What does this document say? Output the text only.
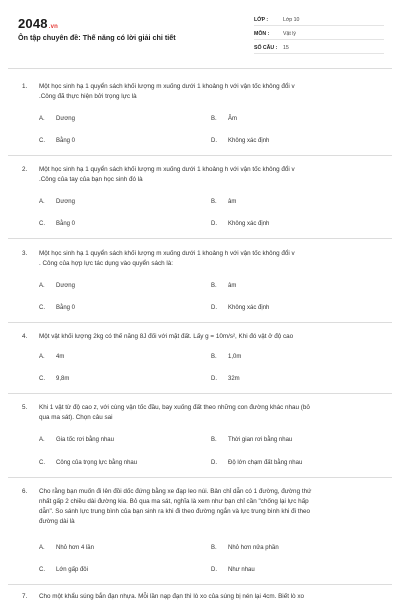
2048.vn
Ôn tập chuyên đề: Thế năng có lời giải chi tiết
LỚP :	Lớp 10
MÔN :	Vật lý
SỐ CÂU : 15
1. Một học sinh hạ 1 quyển sách khối lượng m xuống dưới 1 khoảng h với vận tốc không đổi v
.Công đã thực hiện bởi trọng lực là
A. Dương	B. Âm
C. Bằng 0	D. Không xác định
2. Một học sinh hạ 1 quyển sách khối lượng m xuống dưới 1 khoảng h với vận tốc không đổi v
.Công của tay của bạn học sinh đó là
A. Dương	B. âm
C. Bằng 0	D. Không xác định
3. Một học sinh hạ 1 quyển sách khối lượng m xuống dưới 1 khoảng h với vận tốc không đổi v
. Công của hợp lực tác dụng vào quyển sách là:
A. Dương	B. âm
C. Bằng 0	D. Không xác định
4. Một vật khối lượng 2kg có thế năng 8J đối với mặt đất. Lấy g = 10m/s², Khi đó vật ở độ cao
A. 4m	B. 1,0m
C. 9,8m	D. 32m
5. Khi 1 vật từ độ cao z, với cùng vận tốc đầu, bay xuống đất theo những con đường khác nhau (bỏ
qua ma sát). Chọn câu sai
A. Gia tốc rơi bằng nhau	B. Thời gian rơi bằng nhau
C. Công của trọng lực bằng nhau	D. Độ lớn chạm đất bằng nhau
6. Cho rằng bạn muốn đi lên đồi dốc đứng bằng xe đạp leo núi. Bản chỉ dẫn có 1 đường, đường thứ
nhất gấp 2 chiều dài đường kia. Bỏ qua ma sát, nghĩa là xem như bạn chỉ cần "chống lại lực hấp
dẫn". So sánh lực trung bình của bạn sinh ra khi đi theo đường ngắn và lực trung bình khi đi theo
đường dài là
A. Nhỏ hơn 4 lần	B. Nhỏ hơn nửa phần
C. Lớn gấp đôi	D. Như nhau
7. Cho một khẩu súng bắn đạn nhựa. Mỗi lần nạp đạn thì lò xo của súng bị nén lại 4cm. Biết lò xo
